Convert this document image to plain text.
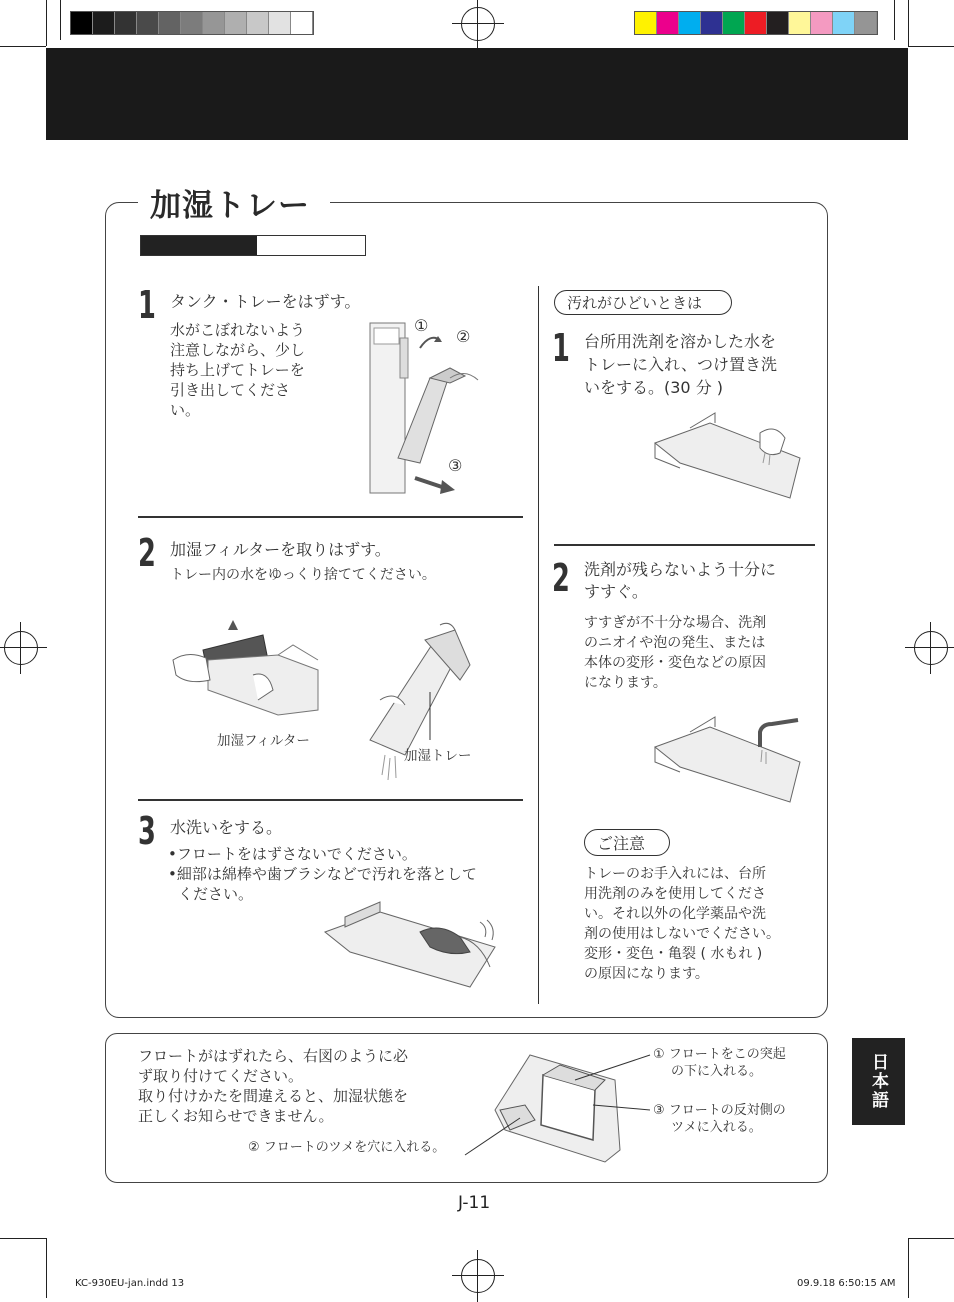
加湿トレー
1 タンク・トレーをはずす。
水がこぼれないよう
注意しながら、少し
持ち上げてトレーを
引き出してくださ
い。
①
②
③
2 加湿フィルターを取りはずす。
トレー内の水をゆっくり捨ててください。
加湿フィルター
加湿トレー
3 水洗いをする。
•フロートをはずさないでください。
•細部は綿棒や歯ブラシなどで汚れを落として
ください。
汚れがひどいときは
1 台所用洗剤を溶かした水を
トレーに入れ、つけ置き洗
いをする。(30 分 )
2 洗剤が残らないよう十分に
すすぐ。
すすぎが不十分な場合、洗剤
のニオイや泡の発生、または
本体の変形・変色などの原因
になります。
ご注意
トレーのお手入れには、台所
用洗剤のみを使用してくださ
い。それ以外の化学薬品や洗
剤の使用はしないでください。
変形・変色・亀裂 ( 水もれ )
の原因になります。
フロートがはずれたら、右図のように必
ず取り付けてください。
取り付けかたを間違えると、加湿状態を
正しくお知らせできません。
② フロートのツメを穴に入れる。
① フロートをこの突起
の下に入れる。
③ フロートの反対側の
ツメに入れる。
日本語
J-11
KC-930EU-jan.indd 13	09.9.18 6:50:15 AM
